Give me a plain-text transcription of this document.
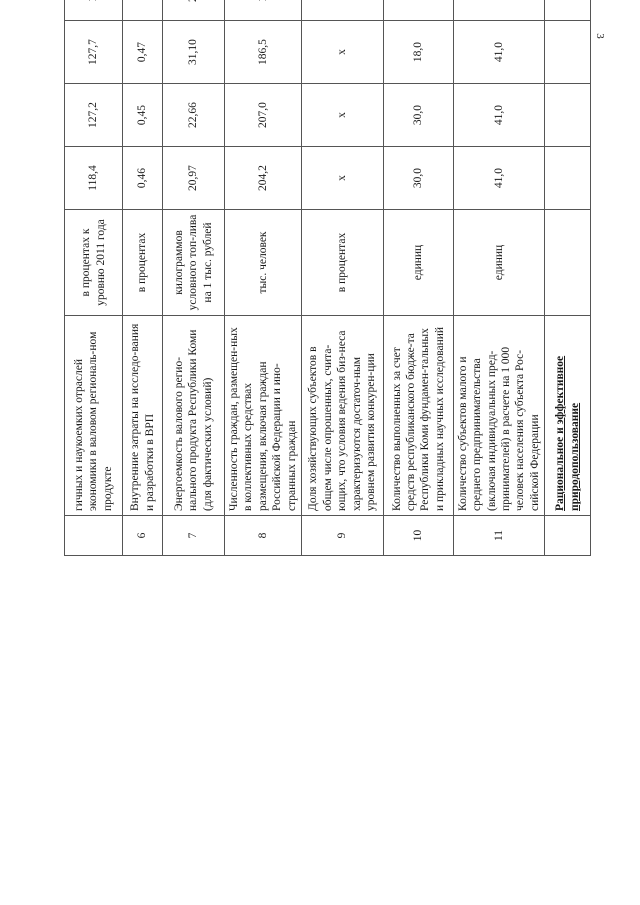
3
	гичных и наукоемких отраслей экономики в валовом региональ-ном продукте	в процентах к уровню 2011 года	118,4	127,2	127,7					
6	Внутренние затраты на исследо-вания и разработки в ВРП	в процентах	0,46	0,45	0,47					
7	Энергоемкость валового регио-нального продукта Республики Коми (для фактических условий)	килограммов условного топ-лива на 1 тыс. рублей	20,97	22,66	31,10					
8	Численность граждан, размещен-ных в коллективных средствах размещения, включая граждан Российской Федерации и ино-странных граждан	тыс. человек	204,2	207,0	186,5					
9	Доля хозяйствующих субъектов в общем числе опрошенных, счита-ющих, что условия ведения биз-неса характеризуются достаточ-ным уровнем развития конкурен-ции	в процентах	x	x	x					
10	Количество выполненных за счет средств республиканского бюдже-та Республики Коми фундамен-тальных и прикладных научных исследований	единиц	30,0	30,0	18,0					
11	Количество субъектов малого и среднего предпринимательства (включая индивидуальных пред-принимателей) в расчете на 1 000 человек населения субъекта Рос-сийской Федерации	единиц	41,0	41,0	41,0					
	Рациональное и эффективное природопользование									
